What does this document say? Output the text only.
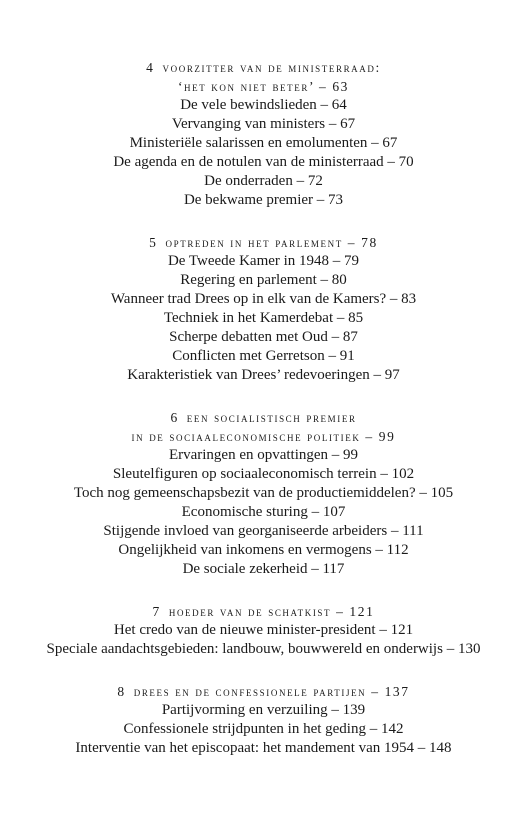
4 voorzitter van de ministerraad:
‘het kon niet beter’ – 63
De vele bewindslieden – 64
Vervanging van ministers – 67
Ministeriële salarissen en emolumenten – 67
De agenda en de notulen van de ministerraad – 70
De onderraden – 72
De bekwame premier – 73
5 optreden in het parlement – 78
De Tweede Kamer in 1948 – 79
Regering en parlement – 80
Wanneer trad Drees op in elk van de Kamers? – 83
Techniek in het Kamerdebat – 85
Scherpe debatten met Oud – 87
Conflicten met Gerretson – 91
Karakteristiek van Drees’ redevoeringen – 97
6 een socialistisch premier
in de sociaaleconomische politiek – 99
Ervaringen en opvattingen – 99
Sleutelfiguren op sociaaleconomisch terrein – 102
Toch nog gemeenschapsbezit van de productiemiddelen? – 105
Economische sturing – 107
Stijgende invloed van georganiseerde arbeiders – 111
Ongelijkheid van inkomens en vermogens – 112
De sociale zekerheid – 117
7 hoeder van de schatkist – 121
Het credo van de nieuwe minister-president – 121
Speciale aandachtsgebieden: landbouw, bouwwereld en onderwijs – 130
8 drees en de confessionele partijen – 137
Partijvorming en verzuiling – 139
Confessionele strijdpunten in het geding – 142
Interventie van het episcopaat: het mandement van 1954 – 148
